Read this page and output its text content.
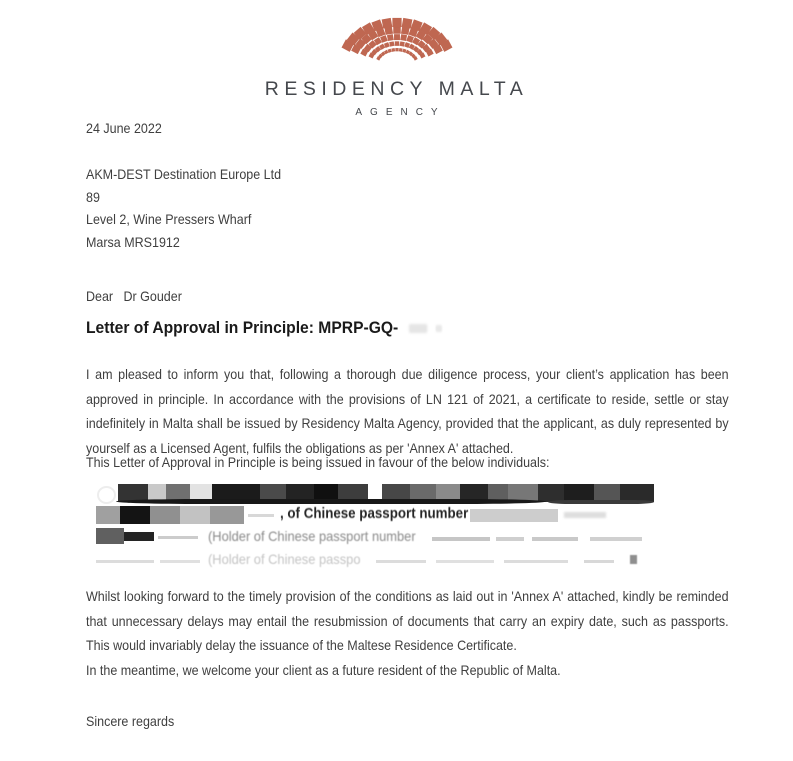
RESIDENCY MALTA
AGENCY
24 June 2022

AKM-DEST Destination Europe Ltd

89

Level 2, Wine Pressers Wharf

Marsa MRS1912

Dear   Dr Gouder
Letter of Approval in Principle: MPRP-GQ-
I am pleased to inform you that, following a thorough due diligence process, your client’s application has been approved in principle. In accordance with the provisions of LN 121 of 2021, a certificate to reside, settle or stay indefinitely in Malta shall be issued by Residency Malta Agency, provided that the applicant, as duly represented by yourself as a Licensed Agent, fulfils the obligations as per 'Annex A' attached.
This Letter of Approval in Principle is being issued in favour of the below individuals:
, of Chinese passport number
(Holder of Chinese passport number
(Holder of Chinese passpo
Whilst looking forward to the timely provision of the conditions as laid out in 'Annex A' attached, kindly be reminded that unnecessary delays may entail the resubmission of documents that carry an expiry date, such as passports. This would invariably delay the issuance of the Maltese Residence Certificate.
In the meantime, we welcome your client as a future resident of the Republic of Malta.
Sincere regards
